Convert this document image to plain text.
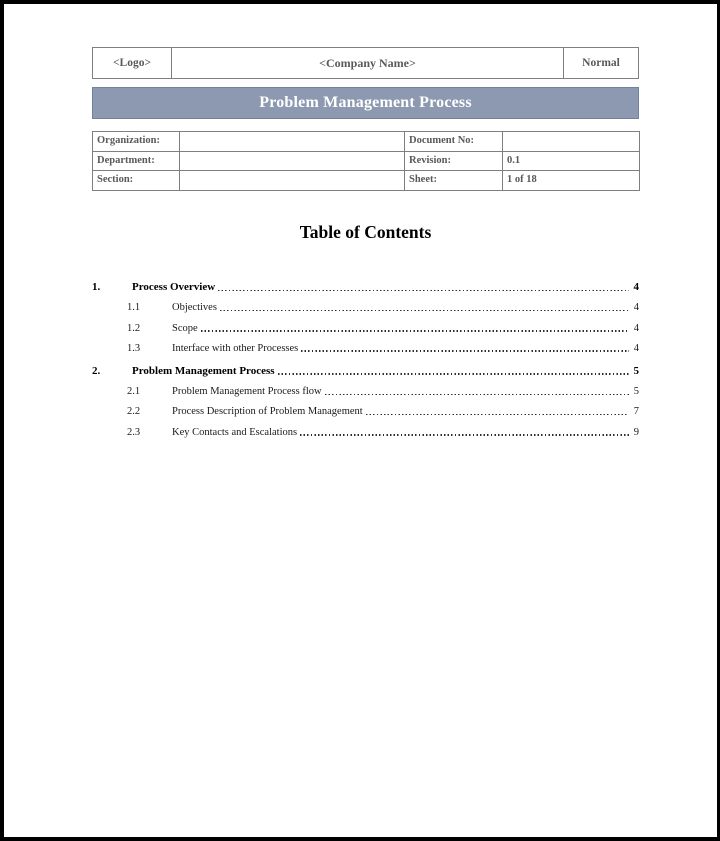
<Logo>	<Company Name>	Normal
Problem Management Process
Organization:		Document No:	
Department:		Revision:	0.1
Section:		Sheet:	1 of 18
Table of Contents
1.	Process Overview	4
1.1	Objectives	4
1.2	Scope	4
1.3	Interface with other Processes	4
2.	Problem Management Process	5
2.1	Problem Management Process flow	5
2.2	Process Description of Problem Management	7
2.3	Key Contacts and Escalations	9
